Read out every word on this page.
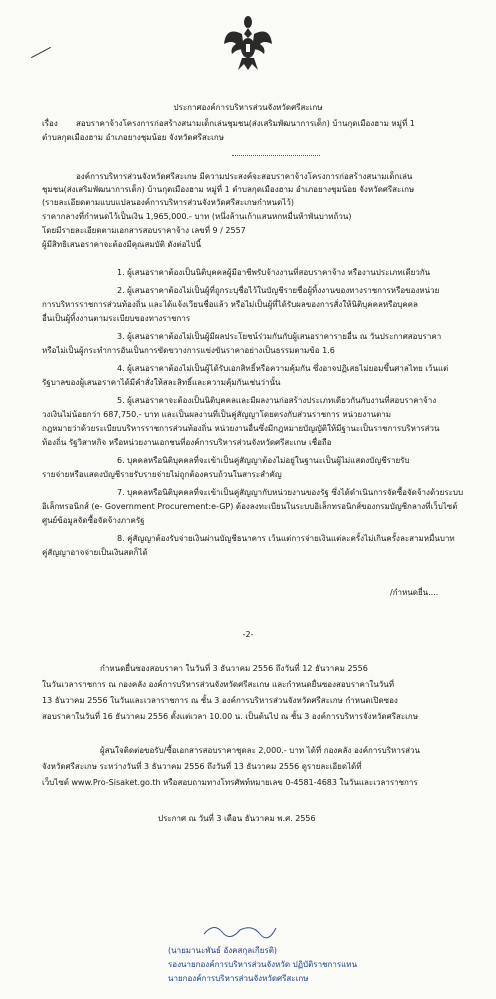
ประกาศองค์การบริหารส่วนจังหวัดศรีสะเกษ
เรื่อง สอบราคาจ้างโครงการก่อสร้างสนามเด็กเล่นชุมชน(ส่งเสริมพัฒนาการเด็ก) บ้านกุดเมืองฮาม หมู่ที่ 1
ตำบลกุดเมืองฮาม อำเภอยางชุมน้อย จังหวัดศรีสะเกษ
องค์การบริหารส่วนจังหวัดศรีสะเกษ มีความประสงค์จะสอบราคาจ้างโครงการก่อสร้างสนามเด็กเล่น
ชุมชน(ส่งเสริมพัฒนาการเด็ก) บ้านกุดเมืองฮาม หมู่ที่ 1 ตำบลกุดเมืองฮาม อำเภอยางชุมน้อย จังหวัดศรีสะเกษ
(รายละเอียดตามแบบแปลนองค์การบริหารส่วนจังหวัดศรีสะเกษกำหนดไว้)
ราคากลางที่กำหนดไว้เป็นเงิน 1,965,000.- บาท (หนึ่งล้านเก้าแสนหกหมื่นห้าพันบาทถ้วน)
โดยมีรายละเอียดตามเอกสารสอบราคาจ้าง เลขที่ 9 / 2557
ผู้มีสิทธิเสนอราคาจะต้องมีคุณสมบัติ ดังต่อไปนี้
1. ผู้เสนอราคาต้องเป็นนิติบุคคลผู้มีอาชีพรับจ้างงานที่สอบราคาจ้าง หรืองานประเภทเดียวกัน
2. ผู้เสนอราคาต้องไม่เป็นผู้ที่ถูกระบุชื่อไว้ในบัญชีรายชื่อผู้ทิ้งงานของทางราชการหรือของหน่วย
การบริหารราชการส่วนท้องถิ่น และได้แจ้งเวียนชื่อแล้ว หรือไม่เป็นผู้ที่ได้รับผลของการสั่งให้นิติบุคคลหรือบุคคล
อื่นเป็นผู้ทิ้งงานตามระเบียบของทางราชการ
3. ผู้เสนอราคาต้องไม่เป็นผู้มีผลประโยชน์ร่วมกันกับผู้เสนอราคารายอื่น ณ วันประกาศสอบราคา
หรือไม่เป็นผู้กระทำการอันเป็นการขัดขวางการแข่งขันราคาอย่างเป็นธรรมตามข้อ 1.6
4. ผู้เสนอราคาต้องไม่เป็นผู้ได้รับเอกสิทธิ์หรือความคุ้มกัน ซึ่งอาจปฏิเสธไม่ยอมขึ้นศาลไทย เว้นแต่
รัฐบาลของผู้เสนอราคาได้มีคำสั่งให้สละสิทธิ์และความคุ้มกันเช่นว่านั้น
5. ผู้เสนอราคาจะต้องเป็นนิติบุคคลและมีผลงานก่อสร้างประเภทเดียวกันกับงานที่สอบราคาจ้าง
วงเงินไม่น้อยกว่า 687,750.- บาท และเป็นผลงานที่เป็นคู่สัญญาโดยตรงกับส่วนราชการ หน่วยงานตาม
กฎหมายว่าด้วยระเบียบบริหารราชการส่วนท้องถิ่น หน่วยงานอื่นซึ่งมีกฎหมายบัญญัติให้มีฐานะเป็นราชการบริหารส่วน
ท้องถิ่น รัฐวิสาหกิจ หรือหน่วยงานเอกชนที่องค์การบริหารส่วนจังหวัดศรีสะเกษ เชื่อถือ
6. บุคคลหรือนิติบุคคลที่จะเข้าเป็นคู่สัญญาต้องไม่อยู่ในฐานะเป็นผู้ไม่แสดงบัญชีรายรับ
รายจ่ายหรือแสดงบัญชีรายรับรายจ่ายไม่ถูกต้องครบถ้วนในสาระสำคัญ
7. บุคคลหรือนิติบุคคลที่จะเข้าเป็นคู่สัญญากับหน่วยงานของรัฐ ซึ่งได้ดำเนินการจัดซื้อจัดจ้างด้วยระบบ
อิเล็กทรอนิกส์ (e- Government Procurement:e-GP) ต้องลงทะเบียนในระบบอิเล็กทรอนิกส์ของกรมบัญชีกลางที่เว็บไซต์
ศูนย์ข้อมูลจัดซื้อจัดจ้างภาครัฐ
8. คู่สัญญาต้องรับจ่ายเงินผ่านบัญชีธนาคาร เว้นแต่การจ่ายเงินแต่ละครั้งไม่เกินครั้งละสามหมื่นบาท
คู่สัญญาอาจจ่ายเป็นเงินสดก็ได้
/กำหนดยื่น....
-2-
กำหนดยื่นซองสอบราคา ในวันที่ 3 ธันวาคม 2556 ถึงวันที่ 12 ธันวาคม 2556
ในวันเวลาราชการ ณ กองคลัง องค์การบริหารส่วนจังหวัดศรีสะเกษ และกำหนดยื่นซองสอบราคาในวันที่
13 ธันวาคม 2556 ในวันและเวลาราชการ ณ ชั้น 3 องค์การบริหารส่วนจังหวัดศรีสะเกษ กำหนดเปิดซอง
สอบราคาในวันที่ 16 ธันวาคม 2556 ตั้งแต่เวลา 10.00 น. เป็นต้นไป ณ ชั้น 3 องค์การบริหารจังหวัดศรีสะเกษ
ผู้สนใจติดต่อขอรับ/ซื้อเอกสารสอบราคาชุดละ 2,000.- บาท ได้ที่ กองคลัง องค์การบริหารส่วน
จังหวัดศรีสะเกษ ระหว่างวันที่ 3 ธันวาคม 2556 ถึงวันที่ 13 ธันวาคม 2556 ดูรายละเอียดได้ที่
เว็บไซต์ www.Pro-Sisaket.go.th หรือสอบถามทางโทรศัพท์หมายเลข 0-4581-4683 ในวันและเวลาราชการ
ประกาศ ณ วันที่ 3 เดือน ธันวาคม พ.ศ. 2556
(นายมานะพันธ์ อังคสกุลเกียรติ)
รองนายกองค์การบริหารส่วนจังหวัด ปฏิบัติราชการแทน
นายกองค์การบริหารส่วนจังหวัดศรีสะเกษ
